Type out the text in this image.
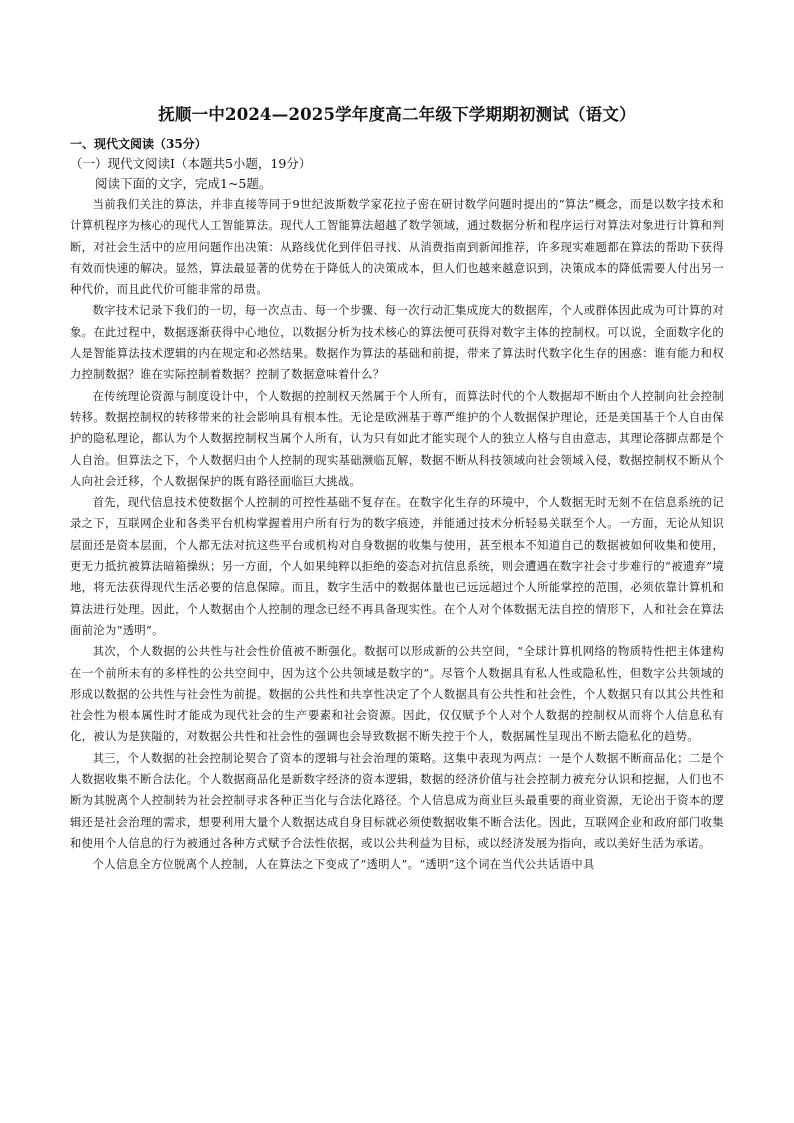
抚顺一中2024—2025学年度高二年级下学期期初测试（语文）
一、现代文阅读（35分）
（一）现代文阅读Ⅰ（本题共5小题，19分）
阅读下面的文字，完成1~5题。

当前我们关注的算法，并非直接等同于9世纪波斯数学家花拉子密在研讨数学问题时提出的“算法”概念，而是以数字技术和计算机程序为核心的现代人工智能算法。现代人工智能算法超越了数学领域，通过数据分析和程序运行对算法对象进行计算和判断，对社会生活中的应用问题作出决策：从路线优化到伴侣寻找、从消费指南到新闻推荐，许多现实难题都在算法的帮助下获得有效而快速的解决。显然，算法最显著的优势在于降低人的决策成本，但人们也越来越意识到，决策成本的降低需要人付出另一种代价，而且此代价可能非常的昂贵。

数字技术记录下我们的一切，每一次点击、每一个步骤、每一次行动汇集成庞大的数据库，个人或群体因此成为可计算的对象。在此过程中，数据逐渐获得中心地位，以数据分析为技术核心的算法便可获得对数字主体的控制权。可以说，全面数字化的人是智能算法技术逻辑的内在规定和必然结果。数据作为算法的基础和前提，带来了算法时代数字化生存的困惑：谁有能力和权力控制数据？谁在实际控制着数据？控制了数据意味着什么？

在传统理论资源与制度设计中，个人数据的控制权天然属于个人所有，而算法时代的个人数据却不断由个人控制向社会控制转移。数据控制权的转移带来的社会影响具有根本性。无论是欧洲基于尊严维护的个人数据保护理论，还是美国基于个人自由保护的隐私理论，都认为个人数据控制权当属个人所有，认为只有如此才能实现个人的独立人格与自由意志，其理论落脚点都是个人自治。但算法之下，个人数据归由个人控制的现实基础濒临瓦解，数据不断从科技领域向社会领域入侵，数据控制权不断从个人向社会迁移，个人数据保护的既有路径面临巨大挑战。

首先，现代信息技术使数据个人控制的可控性基础不复存在。在数字化生存的环境中，个人数据无时无刻不在信息系统的记录之下，互联网企业和各类平台机构掌握着用户所有行为的数字痕迹，并能通过技术分析轻易关联至个人。一方面，无论从知识层面还是资本层面，个人都无法对抗这些平台或机构对自身数据的收集与使用，甚至根本不知道自己的数据被如何收集和使用，更无力抵抗被算法暗箱操纵；另一方面，个人如果纯粹以拒绝的姿态对抗信息系统，则会遭遇在数字社会寸步难行的“被遗弃”境地，将无法获得现代生活必要的信息保障。而且，数字生活中的数据体量也已远远超过个人所能掌控的范围，必须依靠计算机和算法进行处理。因此，个人数据由个人控制的理念已经不再具备现实性。在个人对个体数据无法自控的情形下，人和社会在算法面前沦为“透明”。

其次，个人数据的公共性与社会性价值被不断强化。数据可以形成新的公共空间，“全球计算机网络的物质特性把主体建构在一个前所未有的多样性的公共空间中，因为这个公共领域是数字的”。尽管个人数据具有私人性或隐私性，但数字公共领域的形成以数据的公共性与社会性为前提。数据的公共性和共享性决定了个人数据具有公共性和社会性，个人数据只有以其公共性和社会性为根本属性时才能成为现代社会的生产要素和社会资源。因此，仅仅赋予个人对个人数据的控制权从而将个人信息私有化，被认为是狭隘的，对数据公共性和社会性的强调也会导致数据不断失控于个人，数据属性呈现出不断去隐私化的趋势。

其三，个人数据的社会控制论契合了资本的逻辑与社会治理的策略。这集中表现为两点：一是个人数据不断商品化；二是个人数据收集不断合法化。个人数据商品化是新数字经济的资本逻辑，数据的经济价值与社会控制力被充分认识和挖掘，人们也不断为其脱离个人控制转为社会控制寻求各种正当化与合法化路径。个人信息成为商业巨头最重要的商业资源，无论出于资本的逻辑还是社会治理的需求，想要利用大量个人数据达成自身目标就必须使数据收集不断合法化。因此，互联网企业和政府部门收集和使用个人信息的行为被通过各种方式赋予合法性依据，或以公共利益为目标，或以经济发展为指向，或以美好生活为承诺。

个人信息全方位脱离个人控制，人在算法之下变成了“透明人”。“透明”这个词在当代公共话语中具
